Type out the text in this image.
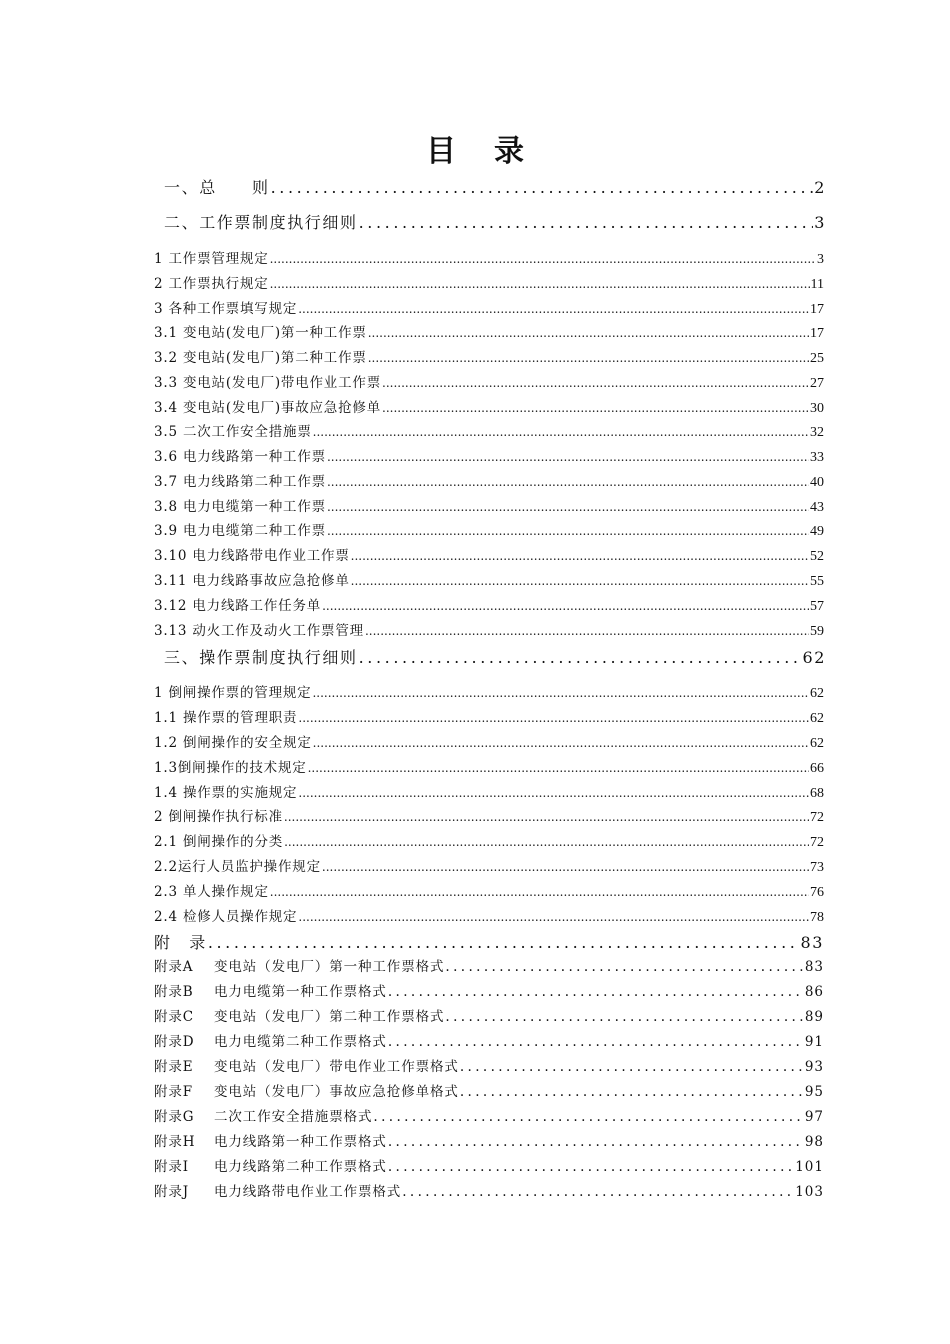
目 录
一、总　　则 .....	2
二、工作票制度执行细则 .....	3
1 工作票管理规定 .....	3
2 工作票执行规定 .....	11
3 各种工作票填写规定 .....	17
3.1 变电站(发电厂)第一种工作票 .....	17
3.2 变电站(发电厂)第二种工作票 .....	25
3.3 变电站(发电厂)带电作业工作票 .....	27
3.4 变电站(发电厂)事故应急抢修单 .....	30
3.5 二次工作安全措施票 .....	32
3.6 电力线路第一种工作票 .....	33
3.7 电力线路第二种工作票 .....	40
3.8 电力电缆第一种工作票 .....	43
3.9 电力电缆第二种工作票 .....	49
3.10 电力线路带电作业工作票 .....	52
3.11 电力线路事故应急抢修单 .....	55
3.12 电力线路工作任务单 .....	57
3.13 动火工作及动火工作票管理 .....	59
三、操作票制度执行细则 .....	62
1 倒闸操作票的管理规定 .....	62
1.1 操作票的管理职责 .....	62
1.2 倒闸操作的安全规定 .....	62
1.3倒闸操作的技术规定 .....	66
1.4 操作票的实施规定 .....	68
2 倒闸操作执行标准 .....	72
2.1 倒闸操作的分类 .....	72
2.2运行人员监护操作规定 .....	73
2.3 单人操作规定 .....	76
2.4 检修人员操作规定 .....	78
附　录 .....	83
附录A 变电站（发电厂）第一种工作票格式 .....	83
附录B 电力电缆第一种工作票格式 .....	86
附录C 变电站（发电厂）第二种工作票格式 .....	89
附录D 电力电缆第二种工作票格式 .....	91
附录E 变电站（发电厂）带电作业工作票格式 .....	93
附录F 变电站（发电厂）事故应急抢修单格式 .....	95
附录G 二次工作安全措施票格式 .....	97
附录H 电力线路第一种工作票格式 .....	98
附录I 电力线路第二种工作票格式 .....	101
附录J 电力线路带电作业工作票格式 .....	103
